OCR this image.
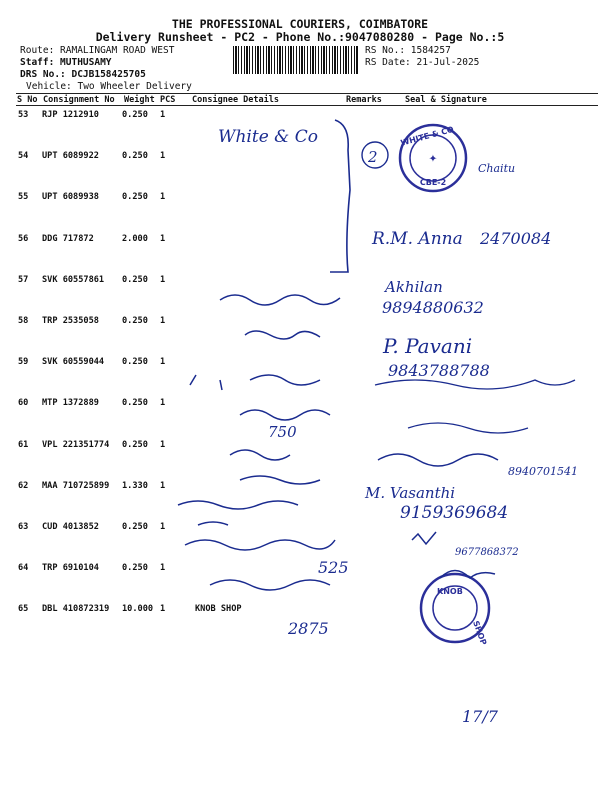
THE PROFESSIONAL COURIERS, COIMBATORE
Delivery Runsheet - PC2 - Phone No.:9047080280 - Page No.:5
Route: RAMALINGAM ROAD WEST
Staff: MUTHUSAMY
DRS No.: DCJB158425705
Vehicle: Two Wheeler Delivery
RS No.: 1584257
RS Date: 21-Jul-2025
S No Consignment No Weight PCS Consignee Details	Remarks	Seal & Signature
53 RJP 1212910	0.250 1
54 UPT 6089922	0.250 1
55 UPT 6089938	0.250 1
56 DDG 717872	2.000 1
57 SVK 60557861 0.250 1
58 TRP 2535058	0.250 1
59 SVK 60559044 0.250 1
60 MTP 1372889	0.250 1
61 VPL 221351774 0.250 1
62 MAA 710725899 1.330 1
63 CUD 4013852	0.250 1
64 TRP 6910104	0.250 1
65 DBL 410872319 10.000 1	KNOB SHOP
WHITE & CO
CBE-2
✦
KNOB
SHOP
2
White & Co
Chaitu
R.M. Anna 2470084
Akhilan
9894880632
P. Pavani
9843788788
750
8940701541
M. Vasanthi
9159369684
9677868372
525
2875
17/7
